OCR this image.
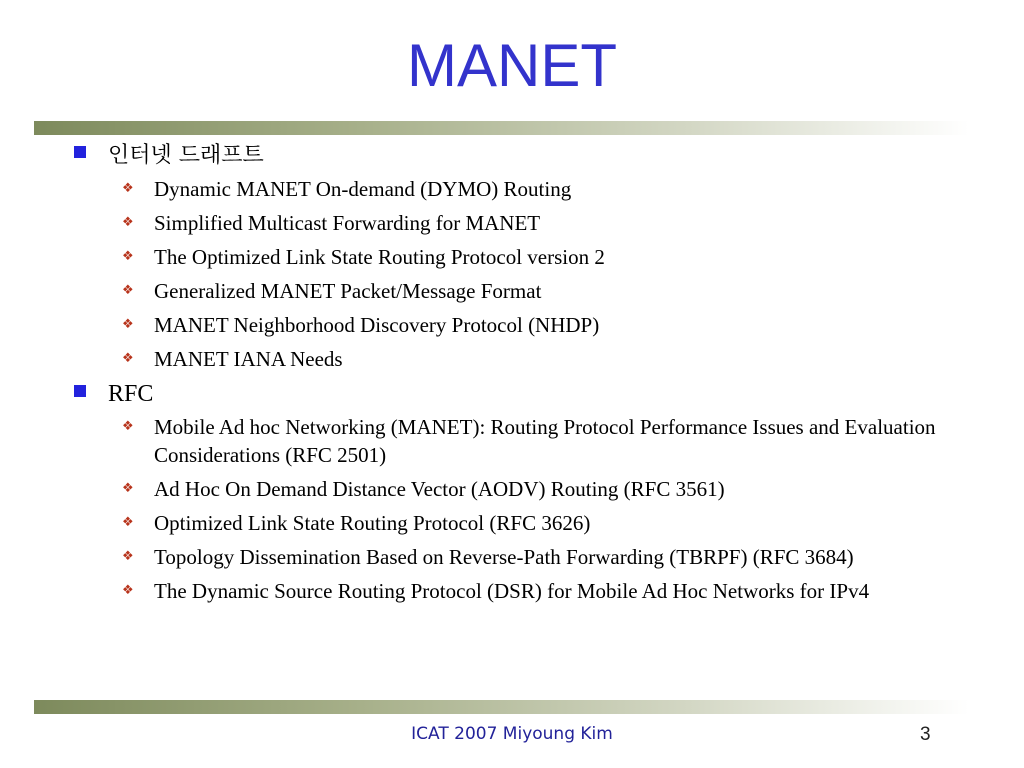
MANET
인터넷 드래프트
❖ Dynamic MANET On-demand (DYMO) Routing
❖ Simplified Multicast Forwarding for MANET
❖ The Optimized Link State Routing Protocol version 2
❖ Generalized MANET Packet/Message Format
❖ MANET Neighborhood Discovery Protocol (NHDP)
❖ MANET IANA Needs
RFC
❖ Mobile Ad hoc Networking (MANET): Routing Protocol Performance Issues and Evaluation Considerations (RFC 2501)
❖ Ad Hoc On Demand Distance Vector (AODV) Routing (RFC 3561)
❖ Optimized Link State Routing Protocol (RFC 3626)
❖ Topology Dissemination Based on Reverse-Path Forwarding (TBRPF) (RFC 3684)
❖ The Dynamic Source Routing Protocol (DSR) for Mobile Ad Hoc Networks for IPv4
ICAT 2007 Miyoung Kim	3
